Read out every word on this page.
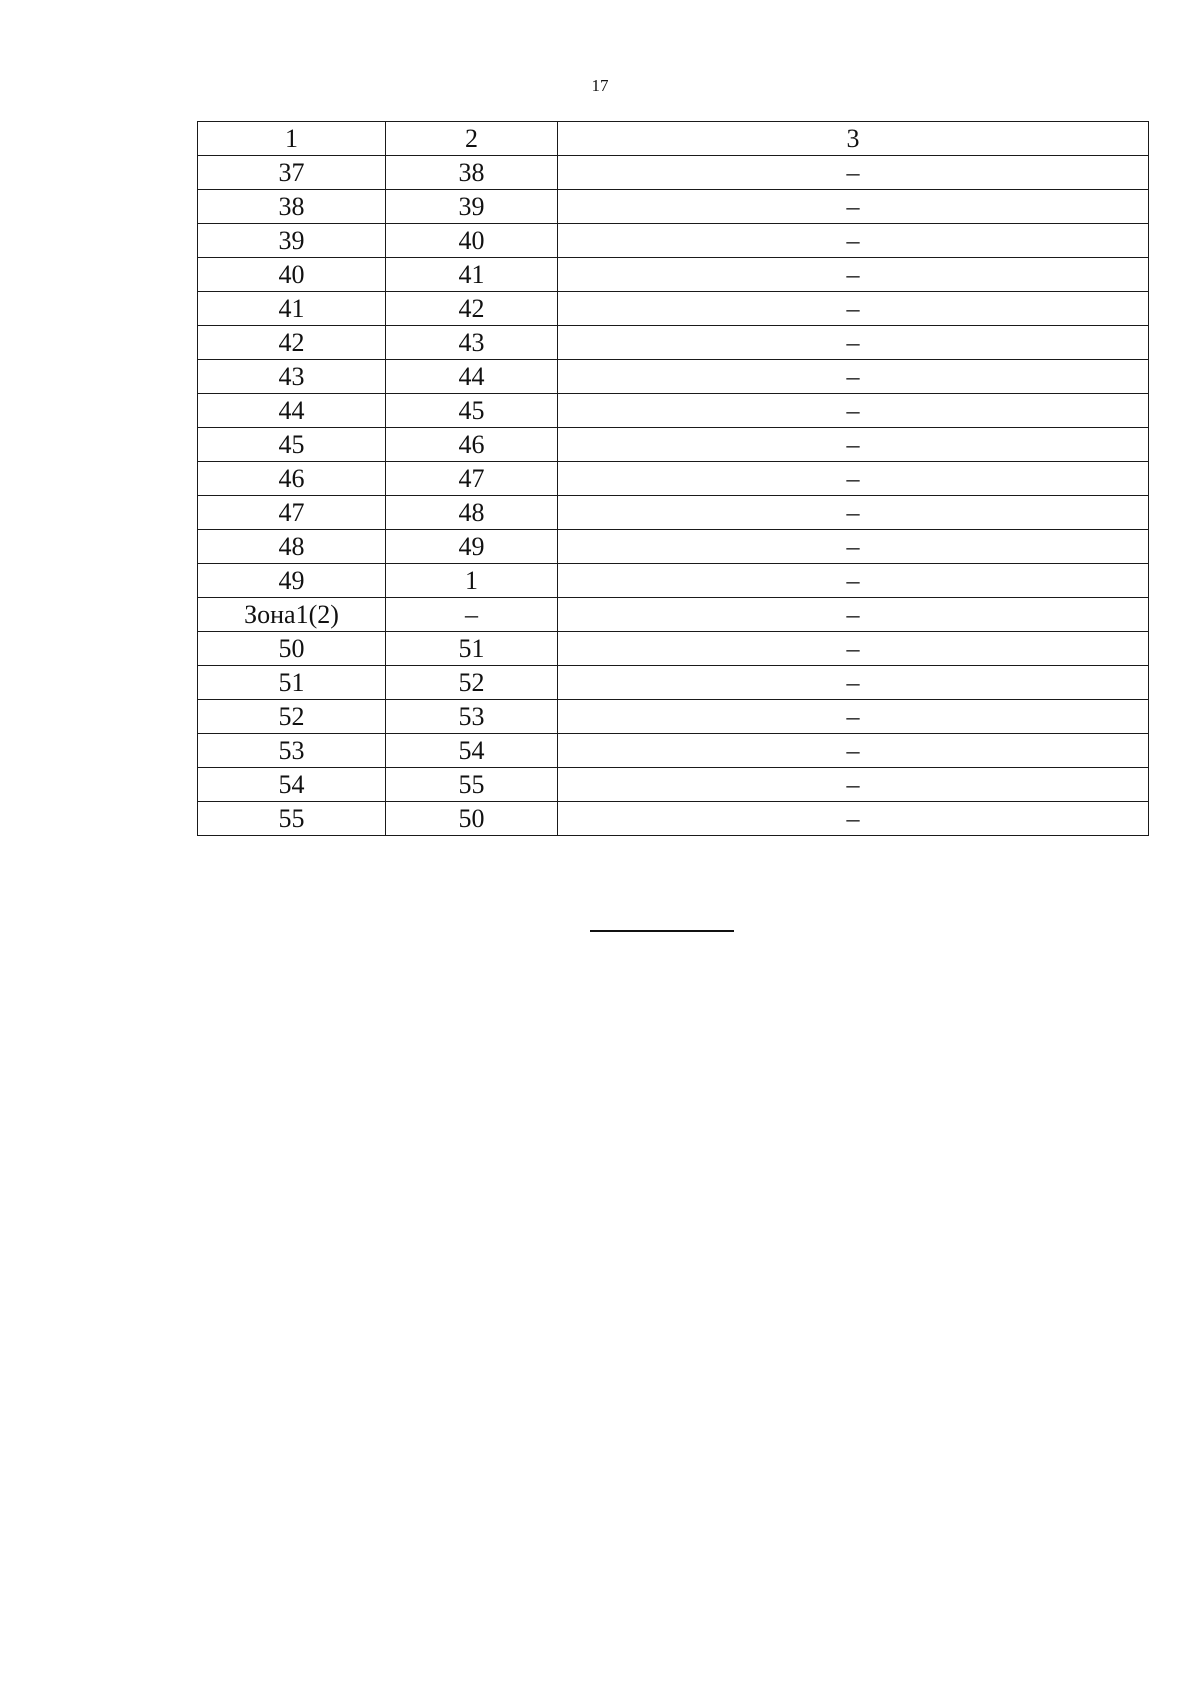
17
1	2	3
37	38	–
38	39	–
39	40	–
40	41	–
41	42	–
42	43	–
43	44	–
44	45	–
45	46	–
46	47	–
47	48	–
48	49	–
49	1	–
Зона1(2)	–	–
50	51	–
51	52	–
52	53	–
53	54	–
54	55	–
55	50	–
